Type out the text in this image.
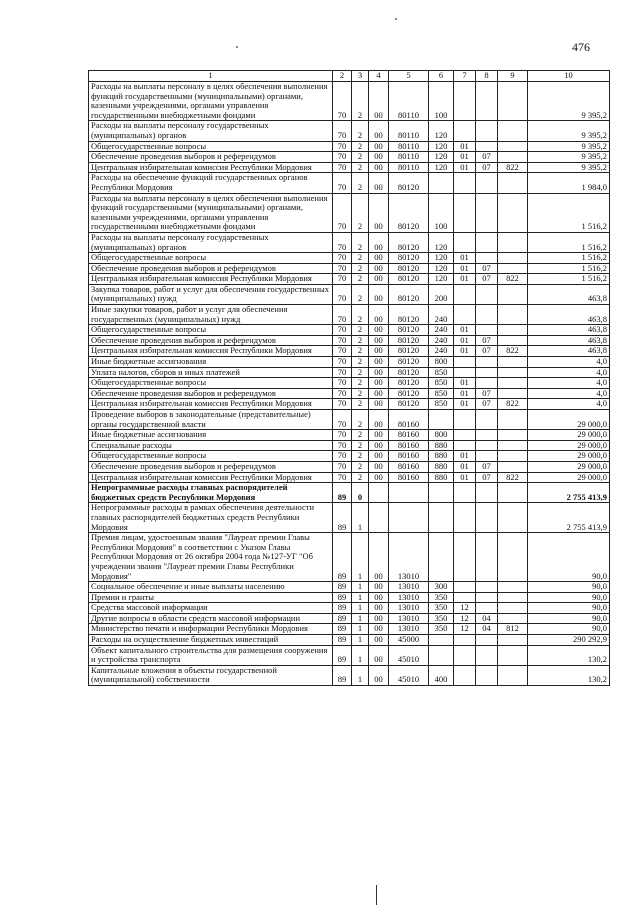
476
1	2	3	4	5	6	7	8	9	10
Расходы на выплаты персоналу в целях обеспечения выполнения функций государственными (муниципальными) органами, казенными учреждениями, органами управления государственными внебюджетными фондами	70	2	00	80110	100				9 395,2
Расходы на выплаты персоналу государственных (муниципальных) органов	70	2	00	80110	120				9 395,2
Общегосударственные вопросы	70	2	00	80110	120	01			9 395,2
Обеспечение проведения выборов и референдумов	70	2	00	80110	120	01	07		9 395,2
Центральная избирательная комиссия Республики Мордовия	70	2	00	80110	120	01	07	822	9 395,2
Расходы на обеспечение функций государственных органов Республики Мордовия	70	2	00	80120					1 984,0
Расходы на выплаты персоналу в целях обеспечения выполнения функций государственными (муниципальными) органами, казенными учреждениями, органами управления государственными внебюджетными фондами	70	2	00	80120	100				1 516,2
Расходы на выплаты персоналу государственных (муниципальных) органов	70	2	00	80120	120				1 516,2
Общегосударственные вопросы	70	2	00	80120	120	01			1 516,2
Обеспечение проведения выборов и референдумов	70	2	00	80120	120	01	07		1 516,2
Центральная избирательная комиссия Республики Мордовия	70	2	00	80120	120	01	07	822	1 516,2
Закупка товаров, работ и услуг для обеспечения государственных (муниципальных) нужд	70	2	00	80120	200				463,8
Иные закупки товаров, работ и услуг для обеспечения государственных (муниципальных) нужд	70	2	00	80120	240				463,8
Общегосударственные вопросы	70	2	00	80120	240	01			463,8
Обеспечение проведения выборов и референдумов	70	2	00	80120	240	01	07		463,8
Центральная избирательная комиссия Республики Мордовия	70	2	00	80120	240	01	07	822	463,8
Иные бюджетные ассигнования	70	2	00	80120	800				4,0
Уплата налогов, сборов и иных платежей	70	2	00	80120	850				4,0
Общегосударственные вопросы	70	2	00	80120	850	01			4,0
Обеспечение проведения выборов и референдумов	70	2	00	80120	850	01	07		4,0
Центральная избирательная комиссия Республики Мордовия	70	2	00	80120	850	01	07	822	4,0
Проведение выборов в законодательные (представительные) органы государственной власти	70	2	00	80160					29 000,0
Иные бюджетные ассигнования	70	2	00	80160	800				29 000,0
Специальные расходы	70	2	00	80160	880				29 000,0
Общегосударственные вопросы	70	2	00	80160	880	01			29 000,0
Обеспечение проведения выборов и референдумов	70	2	00	80160	880	01	07		29 000,0
Центральная избирательная комиссия Республики Мордовия	70	2	00	80160	880	01	07	822	29 000,0
Непрограммные расходы главных распорядителей бюджетных средств Республики Мордовия	89	0							2 755 413,9
Непрограммные расходы в рамках обеспечения деятельности главных распорядителей бюджетных средств Республики Мордовия	89	1							2 755 413,9
Премия лицам, удостоенным звания "Лауреат премии Главы Республики Мордовия" в соответствии с Указом Главы Республики Мордовия от 26 октября 2004 года №127-УГ "Об учреждении звания "Лауреат премии Главы Республики Мордовия"	89	1	00	13010					90,0
Социальное обеспечение и иные выплаты населению	89	1	00	13010	300				90,0
Премии и гранты	89	1	00	13010	350				90,0
Средства массовой информации	89	1	00	13010	350	12			90,0
Другие вопросы в области средств массовой информации	89	1	00	13010	350	12	04		90,0
Министерство печати и информации Республики Мордовия	89	1	00	13010	350	12	04	812	90,0
Расходы на осуществление бюджетных инвестиций	89	1	00	45000					290 292,9
Объект капитального строительства для размещения сооружения и устройства транспорта	89	1	00	45010					130,2
Капитальные вложения в объекты государственной (муниципальной) собственности	89	1	00	45010	400				130,2
